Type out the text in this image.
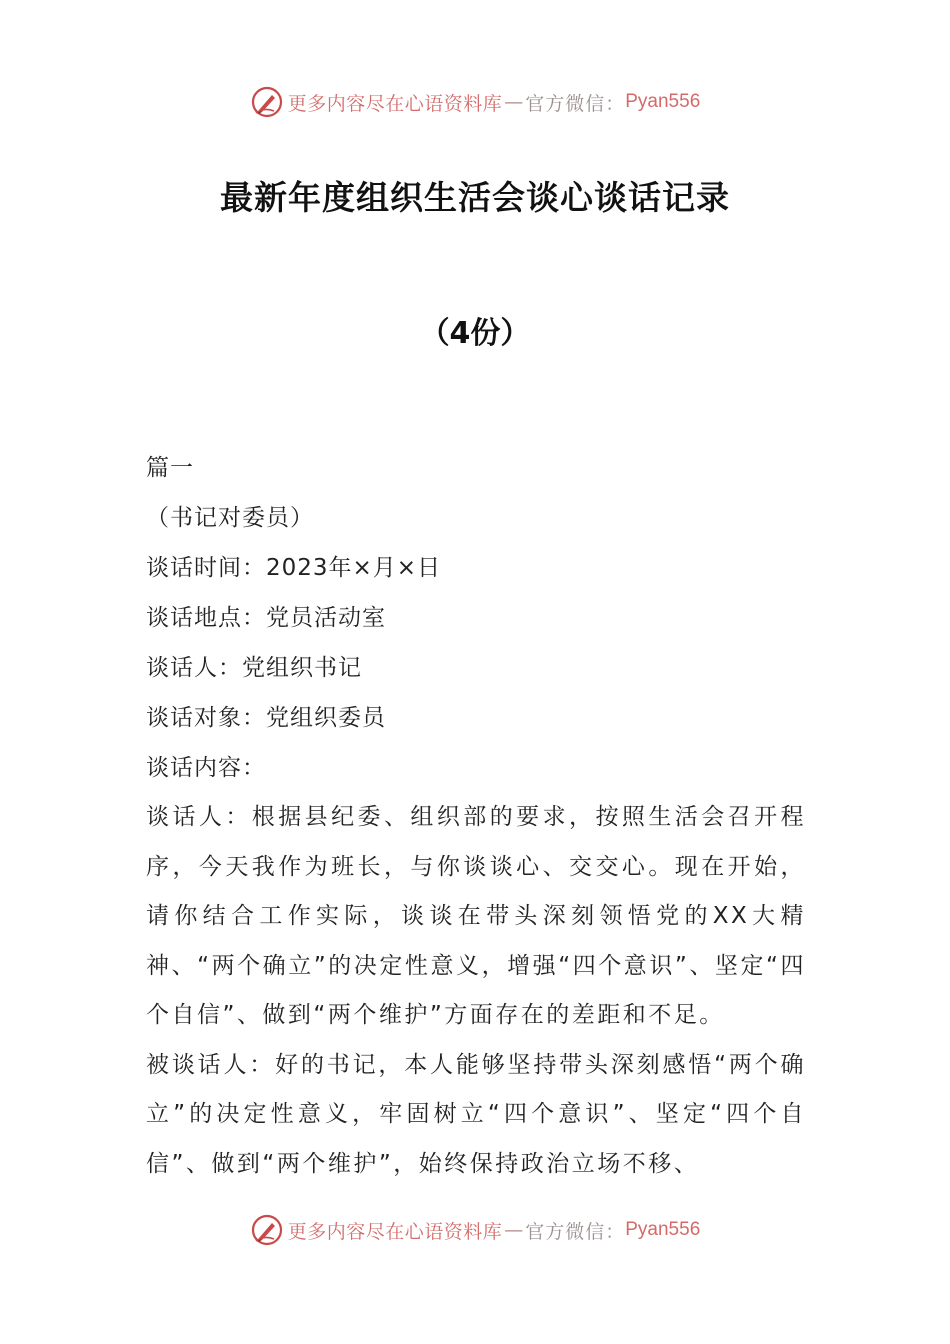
更多内容尽在心语资料库 — 官方微信： Pyan556
最新年度组织生活会谈心谈话记录
（4份）
篇一
（书记对委员）
谈话时间：2023年×月×日
谈话地点：党员活动室
谈话人：党组织书记
谈话对象：党组织委员
谈话内容：

谈话人：根据县纪委、组织部的要求，按照生活会召开程序，今天我作为班长，与你谈谈心、交交心。现在开始，请你结合工作实际，谈谈在带头深刻领悟党的XX大精神、“两个确立”的决定性意义，增强“四个意识”、坚定“四个自信”、做到“两个维护”方面存在的差距和不足。

被谈话人：好的书记，本人能够坚持带头深刻感悟“两个确立”的决定性意义，牢固树立“四个意识”、坚定“四个自信”、做到“两个维护”，始终保持政治立场不移、

更多内容尽在心语资料库 — 官方微信： Pyan556
